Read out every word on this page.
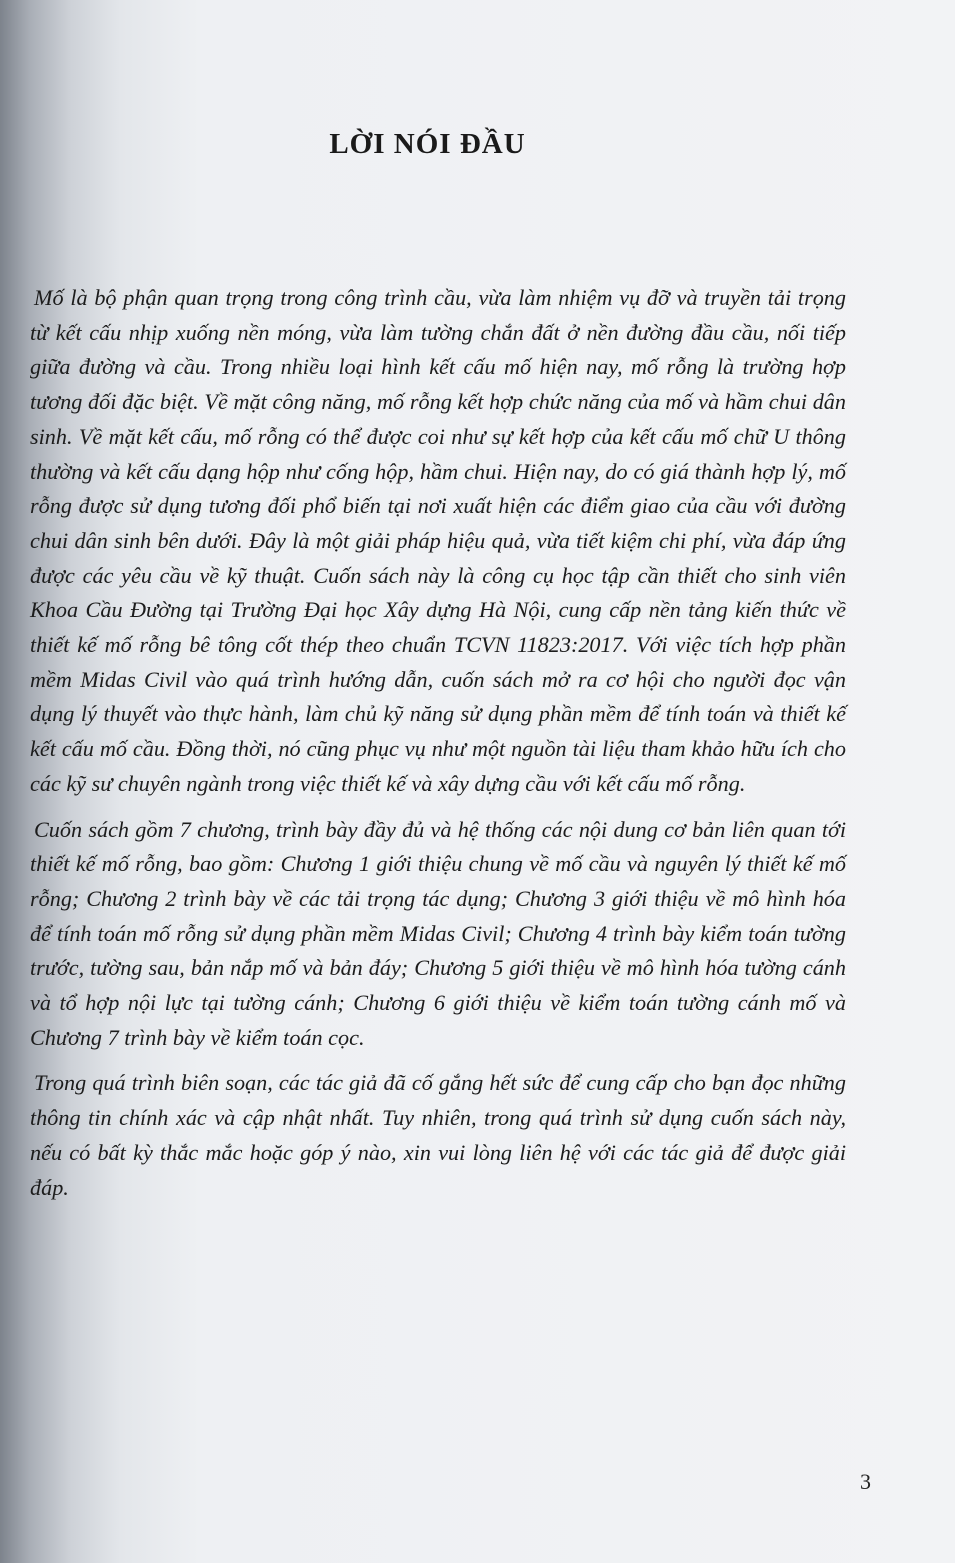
LỜI NÓI ĐẦU

Mố là bộ phận quan trọng trong công trình cầu, vừa làm nhiệm vụ đỡ và truyền tải trọng từ kết cấu nhịp xuống nền móng, vừa làm tường chắn đất ở nền đường đầu cầu, nối tiếp giữa đường và cầu. Trong nhiều loại hình kết cấu mố hiện nay, mố rỗng là trường hợp tương đối đặc biệt. Về mặt công năng, mố rỗng kết hợp chức năng của mố và hầm chui dân sinh. Về mặt kết cấu, mố rỗng có thể được coi như sự kết hợp của kết cấu mố chữ U thông thường và kết cấu dạng hộp như cống hộp, hầm chui. Hiện nay, do có giá thành hợp lý, mố rỗng được sử dụng tương đối phổ biến tại nơi xuất hiện các điểm giao của cầu với đường chui dân sinh bên dưới. Đây là một giải pháp hiệu quả, vừa tiết kiệm chi phí, vừa đáp ứng được các yêu cầu về kỹ thuật. Cuốn sách này là công cụ học tập cần thiết cho sinh viên Khoa Cầu Đường tại Trường Đại học Xây dựng Hà Nội, cung cấp nền tảng kiến thức về thiết kế mố rỗng bê tông cốt thép theo chuẩn TCVN 11823:2017. Với việc tích hợp phần mềm Midas Civil vào quá trình hướng dẫn, cuốn sách mở ra cơ hội cho người đọc vận dụng lý thuyết vào thực hành, làm chủ kỹ năng sử dụng phần mềm để tính toán và thiết kế kết cấu mố cầu. Đồng thời, nó cũng phục vụ như một nguồn tài liệu tham khảo hữu ích cho các kỹ sư chuyên ngành trong việc thiết kế và xây dựng cầu với kết cấu mố rỗng.

Cuốn sách gồm 7 chương, trình bày đầy đủ và hệ thống các nội dung cơ bản liên quan tới thiết kế mố rỗng, bao gồm: Chương 1 giới thiệu chung về mố cầu và nguyên lý thiết kế mố rỗng; Chương 2 trình bày về các tải trọng tác dụng; Chương 3 giới thiệu về mô hình hóa để tính toán mố rỗng sử dụng phần mềm Midas Civil; Chương 4 trình bày kiểm toán tường trước, tường sau, bản nắp mố và bản đáy; Chương 5 giới thiệu về mô hình hóa tường cánh và tổ hợp nội lực tại tường cánh; Chương 6 giới thiệu về kiểm toán tường cánh mố và Chương 7 trình bày về kiểm toán cọc.

Trong quá trình biên soạn, các tác giả đã cố gắng hết sức để cung cấp cho bạn đọc những thông tin chính xác và cập nhật nhất. Tuy nhiên, trong quá trình sử dụng cuốn sách này, nếu có bất kỳ thắc mắc hoặc góp ý nào, xin vui lòng liên hệ với các tác giả để được giải đáp.

3
